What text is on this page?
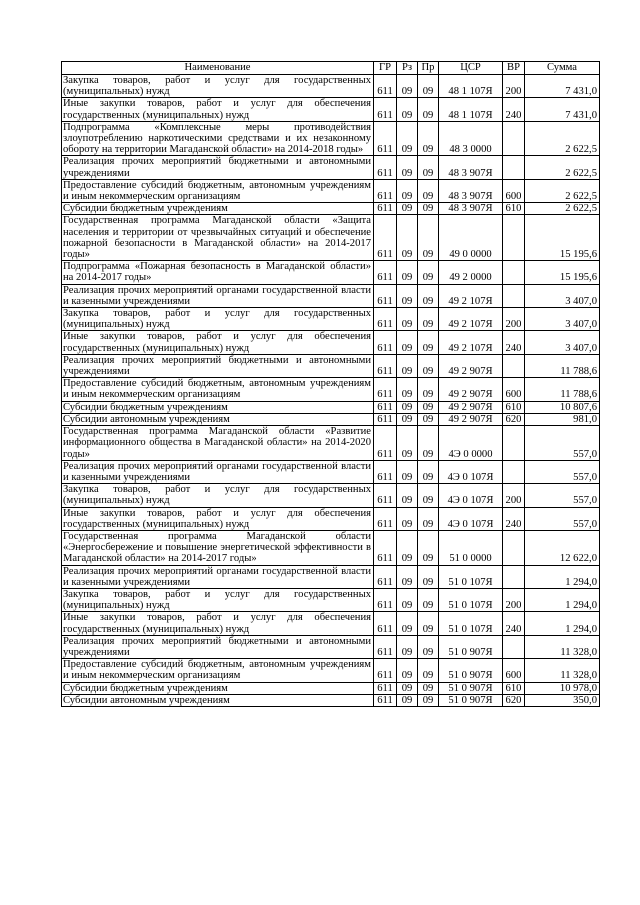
Наименование	ГР	Рз	Пр	ЦСР	ВР	Сумма
Закупка товаров, работ и услуг для государственных (муниципальных) нужд	611	09	09	48 1 107Я	200	7 431,0
Иные закупки товаров, работ и услуг для обеспечения государственных (муниципальных) нужд	611	09	09	48 1 107Я	240	7 431,0
Подпрограмма «Комплексные меры противодействия злоупотреблению наркотическими средствами и их незаконному обороту на территории Магаданской области» на 2014-2018 годы»	611	09	09	48 3 0000		2 622,5
Реализация прочих мероприятий бюджетными и автономными учреждениями	611	09	09	48 3 907Я		2 622,5
Предоставление субсидий бюджетным, автономным учреждениям и иным некоммерческим организациям	611	09	09	48 3 907Я	600	2 622,5
Субсидии бюджетным учреждениям	611	09	09	48 3 907Я	610	2 622,5
Государственная программа Магаданской области «Защита населения и территории от чрезвычайных ситуаций и обеспечение пожарной безопасности в Магаданской области» на 2014-2017 годы»	611	09	09	49 0 0000		15 195,6
Подпрограмма «Пожарная безопасность в Магаданской области» на 2014-2017 годы»	611	09	09	49 2 0000		15 195,6
Реализация прочих мероприятий органами государственной власти и казенными учреждениями	611	09	09	49 2 107Я		3 407,0
Закупка товаров, работ и услуг для государственных (муниципальных) нужд	611	09	09	49 2 107Я	200	3 407,0
Иные закупки товаров, работ и услуг для обеспечения государственных (муниципальных) нужд	611	09	09	49 2 107Я	240	3 407,0
Реализация прочих мероприятий бюджетными и автономными учреждениями	611	09	09	49 2 907Я		11 788,6
Предоставление субсидий бюджетным, автономным учреждениям и иным некоммерческим организациям	611	09	09	49 2 907Я	600	11 788,6
Субсидии бюджетным учреждениям	611	09	09	49 2 907Я	610	10 807,6
Субсидии автономным учреждениям	611	09	09	49 2 907Я	620	981,0
Государственная программа Магаданской области «Развитие информационного общества в Магаданской области» на 2014-2020 годы»	611	09	09	4Э 0 0000		557,0
Реализация прочих мероприятий органами государственной власти и казенными учреждениями	611	09	09	4Э 0 107Я		557,0
Закупка товаров, работ и услуг для государственных (муниципальных) нужд	611	09	09	4Э 0 107Я	200	557,0
Иные закупки товаров, работ и услуг для обеспечения государственных (муниципальных) нужд	611	09	09	4Э 0 107Я	240	557,0
Государственная программа Магаданской области «Энергосбережение и повышение энергетической эффективности в Магаданской области» на 2014-2017 годы»	611	09	09	51 0 0000		12 622,0
Реализация прочих мероприятий органами государственной власти и казенными учреждениями	611	09	09	51 0 107Я		1 294,0
Закупка товаров, работ и услуг для государственных (муниципальных) нужд	611	09	09	51 0 107Я	200	1 294,0
Иные закупки товаров, работ и услуг для обеспечения государственных (муниципальных) нужд	611	09	09	51 0 107Я	240	1 294,0
Реализация прочих мероприятий бюджетными и автономными учреждениями	611	09	09	51 0 907Я		11 328,0
Предоставление субсидий бюджетным, автономным учреждениям и иным некоммерческим организациям	611	09	09	51 0 907Я	600	11 328,0
Субсидии бюджетным учреждениям	611	09	09	51 0 907Я	610	10 978,0
Субсидии автономным учреждениям	611	09	09	51 0 907Я	620	350,0
